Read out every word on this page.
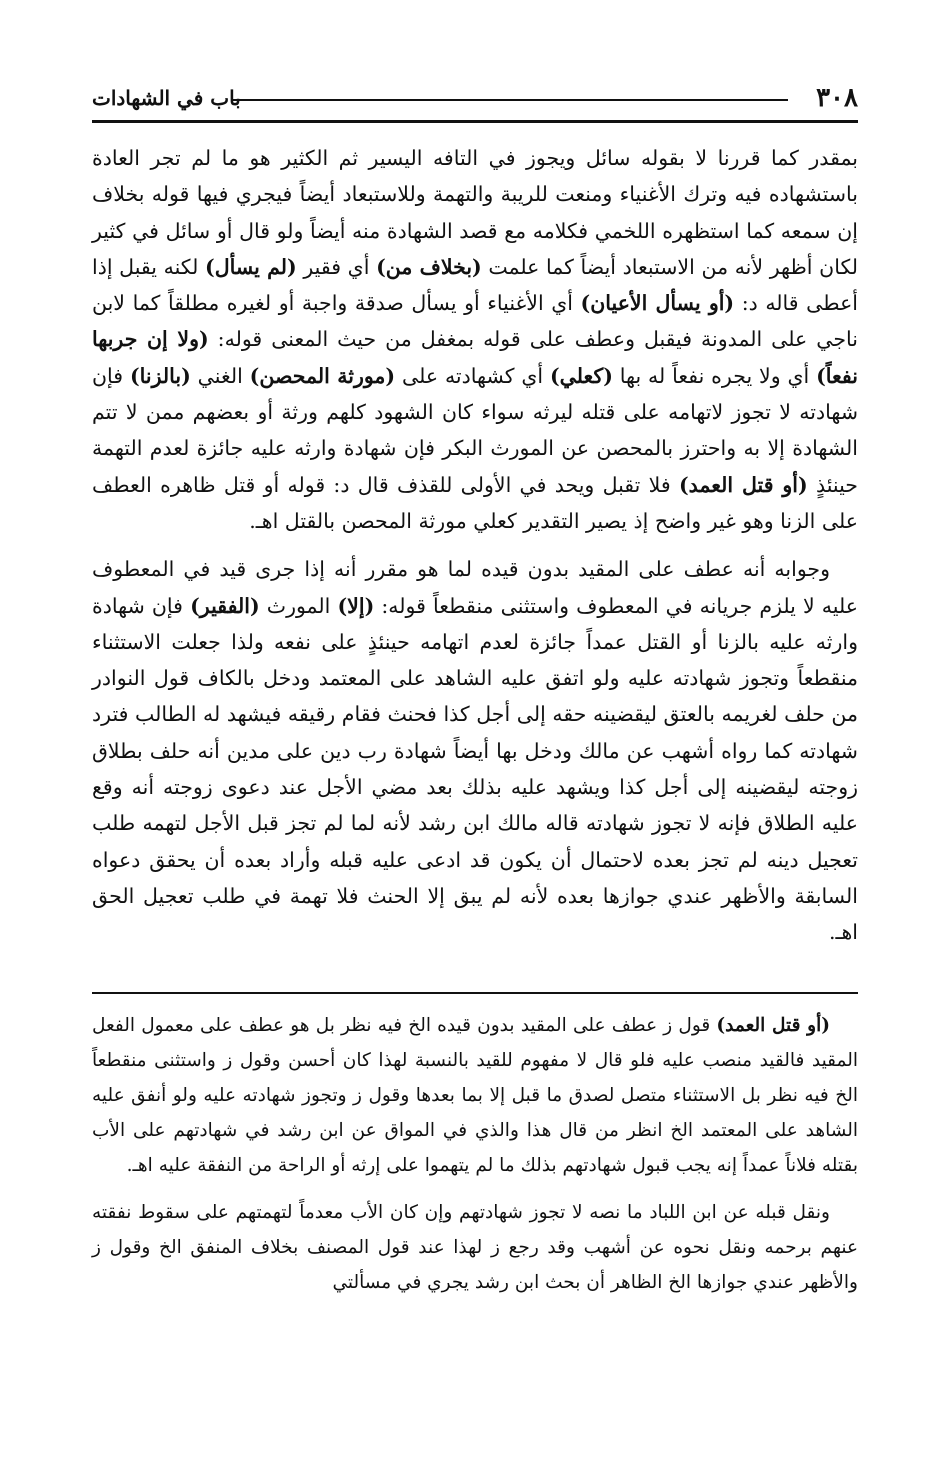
٣٠٨
باب في الشهادات

بمقدر كما قررنا لا بقوله سائل ويجوز في التافه اليسير ثم الكثير هو ما لم تجر العادة باستشهاده فيه وترك الأغنياء ومنعت للريبة والتهمة وللاستبعاد أيضاً فيجري فيها قوله بخلاف إن سمعه كما استظهره اللخمي فكلامه مع قصد الشهادة منه أيضاً ولو قال أو سائل في كثير لكان أظهر لأنه من الاستبعاد أيضاً كما علمت (بخلاف من) أي فقير (لم يسأل) لكنه يقبل إذا أعطى قاله د: (أو يسأل الأعيان) أي الأغنياء أو يسأل صدقة واجبة أو لغيره مطلقاً كما لابن ناجي على المدونة فيقبل وعطف على قوله بمغفل من حيث المعنى قوله: (ولا إن جربها نفعاً) أي ولا يجره نفعاً له بها (كعلي) أي كشهادته على (مورثة المحصن) الغني (بالزنا) فإن شهادته لا تجوز لاتهامه على قتله ليرثه سواء كان الشهود كلهم ورثة أو بعضهم ممن لا تتم الشهادة إلا به واحترز بالمحصن عن المورث البكر فإن شهادة وارثه عليه جائزة لعدم التهمة حينئذٍ (أو قتل العمد) فلا تقبل ويحد في الأولى للقذف قال د: قوله أو قتل ظاهره العطف على الزنا وهو غير واضح إذ يصير التقدير كعلي مورثة المحصن بالقتل اهـ.

وجوابه أنه عطف على المقيد بدون قيده لما هو مقرر أنه إذا جرى قيد في المعطوف عليه لا يلزم جريانه في المعطوف واستثنى منقطعاً قوله: (إلا) المورث (الفقير) فإن شهادة وارثه عليه بالزنا أو القتل عمداً جائزة لعدم اتهامه حينئذٍ على نفعه ولذا جعلت الاستثناء منقطعاً وتجوز شهادته عليه ولو اتفق عليه الشاهد على المعتمد ودخل بالكاف قول النوادر من حلف لغريمه بالعتق ليقضينه حقه إلى أجل كذا فحنث فقام رقيقه فيشهد له الطالب فترد شهادته كما رواه أشهب عن مالك ودخل بها أيضاً شهادة رب دين على مدين أنه حلف بطلاق زوجته ليقضينه إلى أجل كذا ويشهد عليه بذلك بعد مضي الأجل عند دعوى زوجته أنه وقع عليه الطلاق فإنه لا تجوز شهادته قاله مالك ابن رشد لأنه لما لم تجز قبل الأجل لتهمه طلب تعجيل دينه لم تجز بعده لاحتمال أن يكون قد ادعى عليه قبله وأراد بعده أن يحقق دعواه السابقة والأظهر عندي جوازها بعده لأنه لم يبق إلا الحنث فلا تهمة في طلب تعجيل الحق اهـ.

(أو قتل العمد) قول ز عطف على المقيد بدون قيده الخ فيه نظر بل هو عطف على معمول الفعل المقيد فالقيد منصب عليه فلو قال لا مفهوم للقيد بالنسبة لهذا كان أحسن وقول ز واستثنى منقطعاً الخ فيه نظر بل الاستثناء متصل لصدق ما قبل إلا بما بعدها وقول ز وتجوز شهادته عليه ولو أنفق عليه الشاهد على المعتمد الخ انظر من قال هذا والذي في المواق عن ابن رشد في شهادتهم على الأب بقتله فلاناً عمداً إنه يجب قبول شهادتهم بذلك ما لم يتهموا على إرثه أو الراحة من النفقة عليه اهـ.

ونقل قبله عن ابن اللباد ما نصه لا تجوز شهادتهم وإن كان الأب معدماً لتهمتهم على سقوط نفقته عنهم برحمه ونقل نحوه عن أشهب وقد رجع ز لهذا عند قول المصنف بخلاف المنفق الخ وقول ز والأظهر عندي جوازها الخ الظاهر أن بحث ابن رشد يجري في مسألتي
